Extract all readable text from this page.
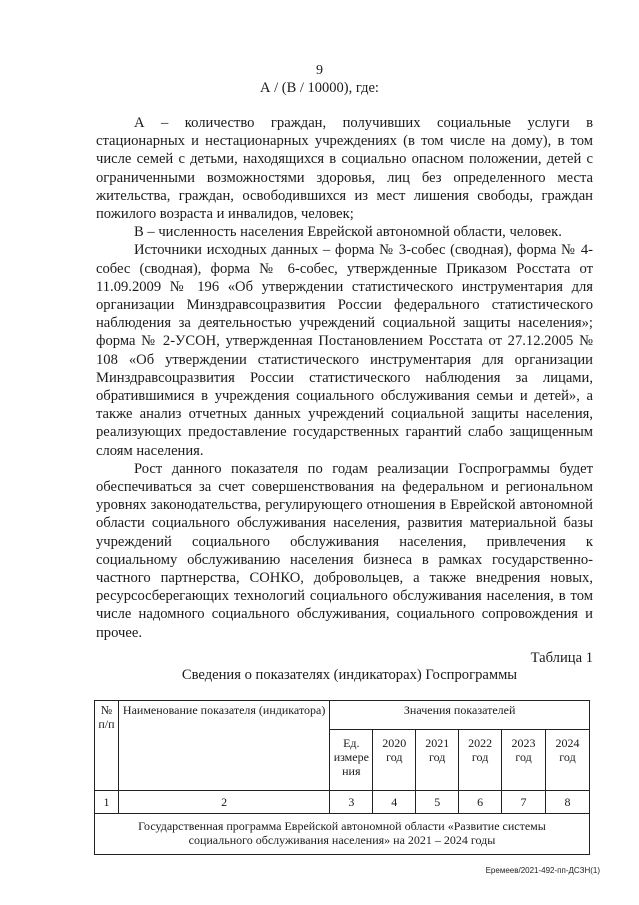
9
А / (В / 10000), где:

А – количество граждан, получивших социальные услуги в стационарных и нестационарных учреждениях (в том числе на дому), в том числе семей с детьми, находящихся в социально опасном положении, детей с ограниченными возможностями здоровья, лиц без определенного места жительства, граждан, освободившихся из мест лишения свободы, граждан пожилого возраста и инвалидов, человек;

В – численность населения Еврейской автономной области, человек.

Источники исходных данных – форма № 3-собес (сводная), форма № 4-собес (сводная), форма № 6-собес, утвержденные Приказом Росстата от 11.09.2009 № 196 «Об утверждении статистического инструментария для организации Минздравсоцразвития России федерального статистического наблюдения за деятельностью учреждений социальной защиты населения»; форма № 2-УСОН, утвержденная Постановлением Росстата от 27.12.2005 № 108 «Об утверждении статистического инструментария для организации Минздравсоцразвития России статистического наблюдения за лицами, обратившимися в учреждения социального обслуживания семьи и детей», а также анализ отчетных данных учреждений социальной защиты населения, реализующих предоставление государственных гарантий слабо защищенным слоям населения.

Рост данного показателя по годам реализации Госпрограммы будет обеспечиваться за счет совершенствования на федеральном и региональном уровнях законодательства, регулирующего отношения в Еврейской автономной области социального обслуживания населения, развития материальной базы учреждений социального обслуживания населения, привлечения к социальному обслуживанию населения бизнеса в рамках государственно-частного партнерства, СОНКО, добровольцев, а также внедрения новых, ресурсосберегающих технологий социального обслуживания населения, в том числе надомного социального обслуживания, социального сопровождения и прочее.

Таблица 1
Сведения о показателях (индикаторах) Госпрограммы
№ п/п	Наименование показателя (индикатора)	Значения показателей					
		Ед. измере ния	2020 год	2021 год	2022 год	2023 год	2024 год
1	2	3	4	5	6	7	8
Государственная программа Еврейской автономной области «Развитие системы социального обслуживания населения» на 2021 – 2024 годы							
Еремеев/2021-492-пп-ДСЗН(1)
